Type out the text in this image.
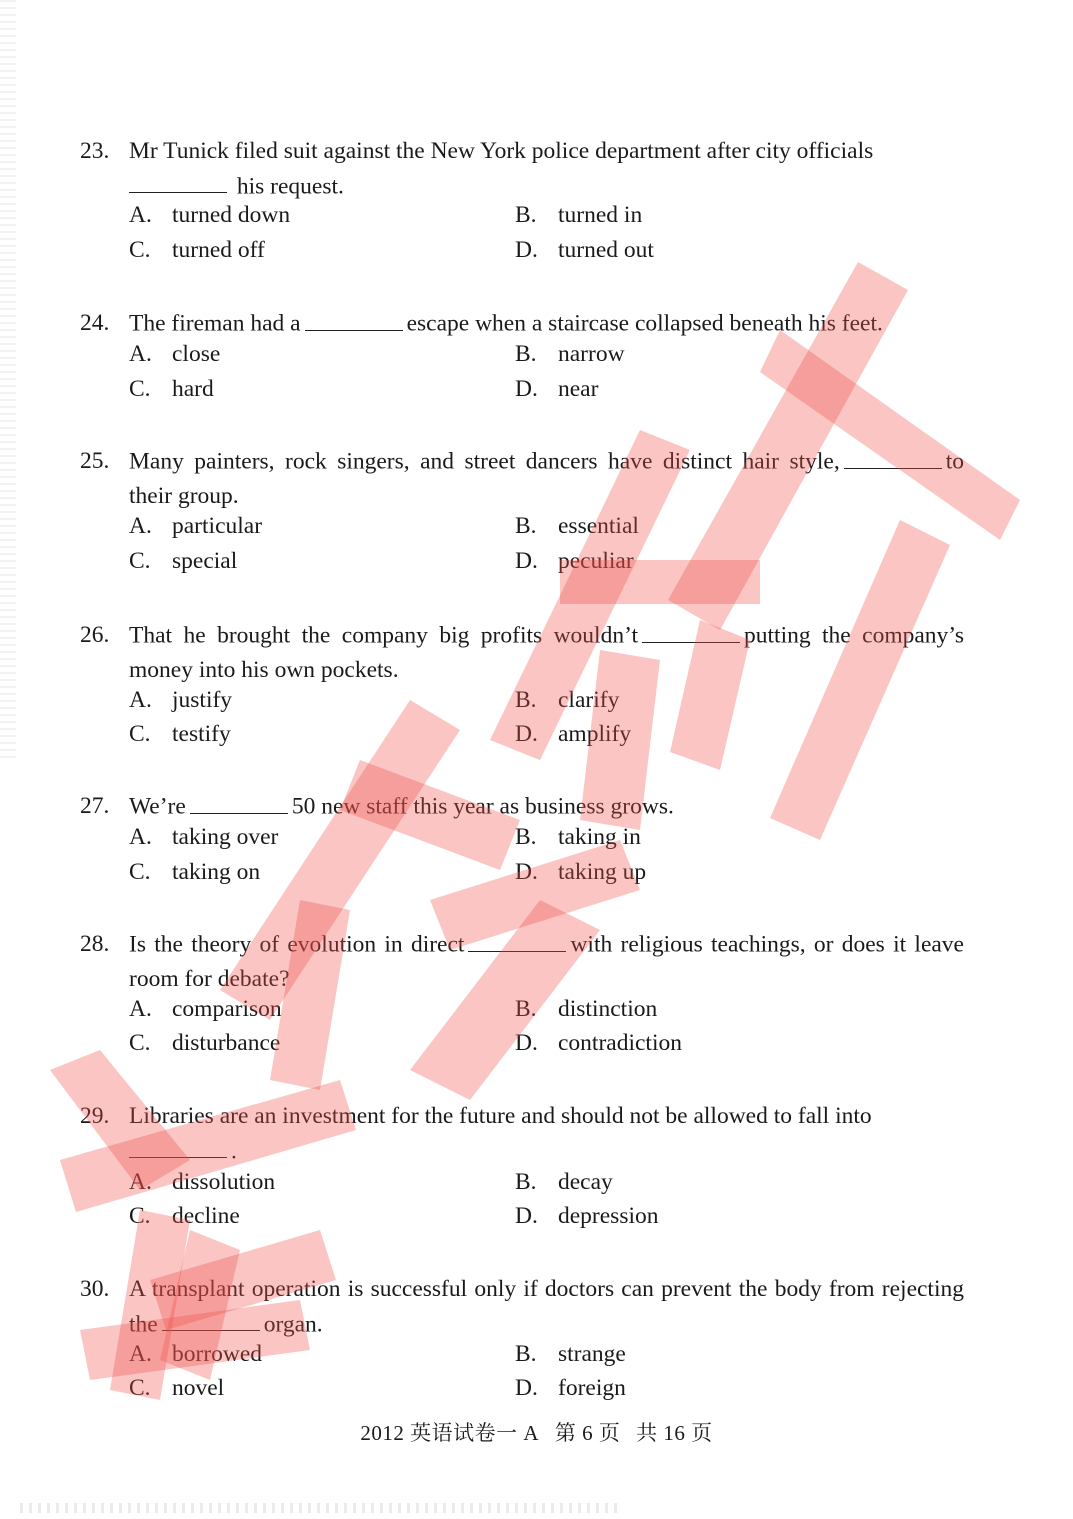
23. Mr Tunick filed suit against the New York police department after city officials
his request.
A. turned down	B. turned in
C. turned off	D. turned out
24. The fireman had a	escape when a staircase collapsed beneath his feet.
A. close	B. narrow
C. hard	D. near
25. Many painters, rock singers, and street dancers have distinct hair style,	to their group.
A. particular	B. essential
C. special	D. peculiar
26. That he brought the company big profits wouldn’t	putting the company’s money into his own pockets.
A. justify	B. clarify
C. testify	D. amplify
27. We’re	50 new staff this year as business grows.
A. taking over	B. taking in
C. taking on	D. taking up
28. Is the theory of evolution in direct	with religious teachings, or does it leave room for debate?
A. comparison	B. distinction
C. disturbance	D. contradiction
29. Libraries are an investment for the future and should not be allowed to fall into
.
A. dissolution	B. decay
C. decline	D. depression
30. A transplant operation is successful only if doctors can prevent the body from rejecting the	organ.
A. borrowed	B. strange
C. novel	D. foreign
2012 英语试卷一 A 第 6 页 共 16 页
